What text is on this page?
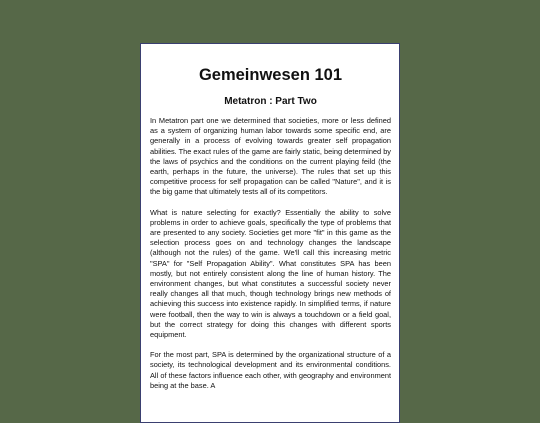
Gemeinwesen 101
Metatron : Part Two

In Metatron part one we determined that societies, more or less defined as a system of organizing human labor towards some specific end, are generally in a process of evolving towards greater self propagation abilities. The exact rules of the game are fairly static, being determined by the laws of psychics and the conditions on the current playing feild (the earth, perhaps in the future, the universe). The rules that set up this competitive process for self propagation can be called "Nature", and it is the big game that ultimately tests all of its competitors.

What is nature selecting for exactly? Essentially the ability to solve problems in order to achieve goals, specifically the type of problems that are presented to any society. Societies get more "fit" in this game as the selection process goes on and technology changes the landscape (although not the rules) of the game. We'll call this increasing metric "SPA" for "Self Propagation Ability". What constitutes SPA has been mostly, but not entirely consistent along the line of human history. The environment changes, but what constitutes a successful society never really changes all that much, though technology brings new methods of achieving this success into existence rapidly. In simplified terms, if nature were football, then the way to win is always a touchdown or a field goal, but the correct strategy for doing this changes with different sports equipment.

For the most part, SPA is determined by the organizational structure of a society, its technological development and its environmental conditions. All of these factors influence each other, with geography and environment being at the base. A
